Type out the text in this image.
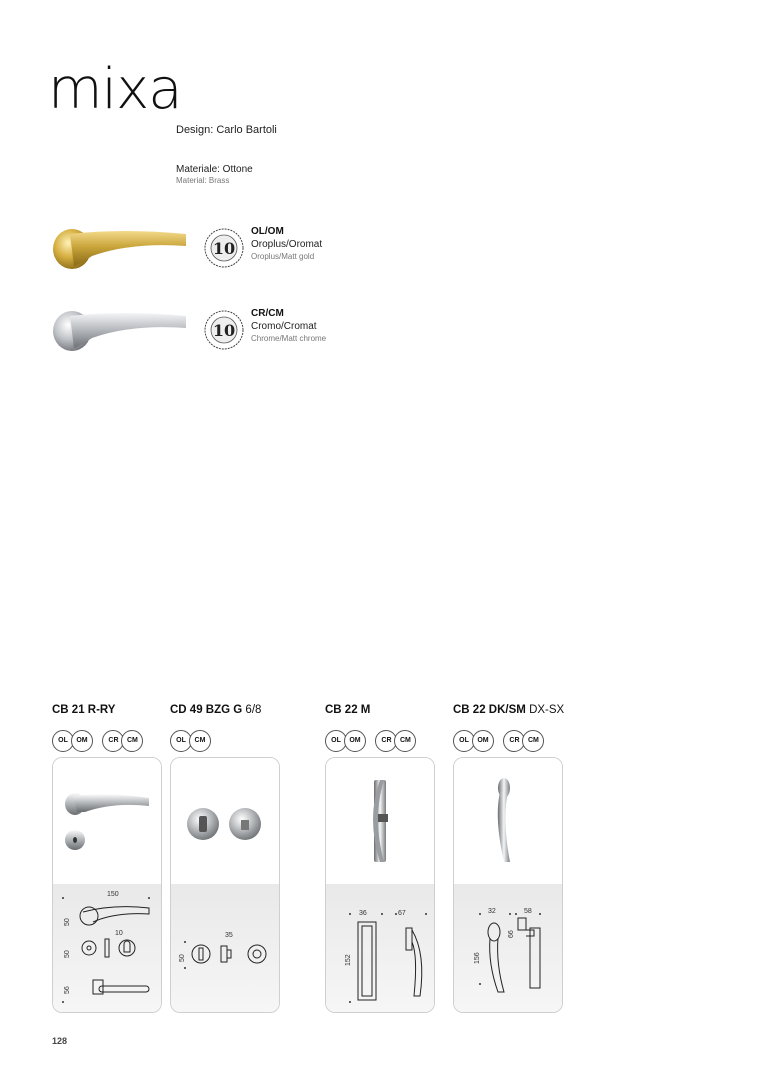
mixa
Design: Carlo Bartoli
Materiale: Ottone
Material: Brass
10
OL/OM
Oroplus/Oromat
Oroplus/Matt gold
10
CR/CM
Cromo/Cromat
Chrome/Matt chrome
CB 21 R-RY
OL	OM
	CR	CM
150
50
50
10
56
CD 49 BZG G 6/8
OL	CM
35
50
CB 22 M
OL	OM
	CR	CM
36	67
152
CB 22 DK/SM DX-SX
OL	OM
	CR	CM
32	58
66
156
128
